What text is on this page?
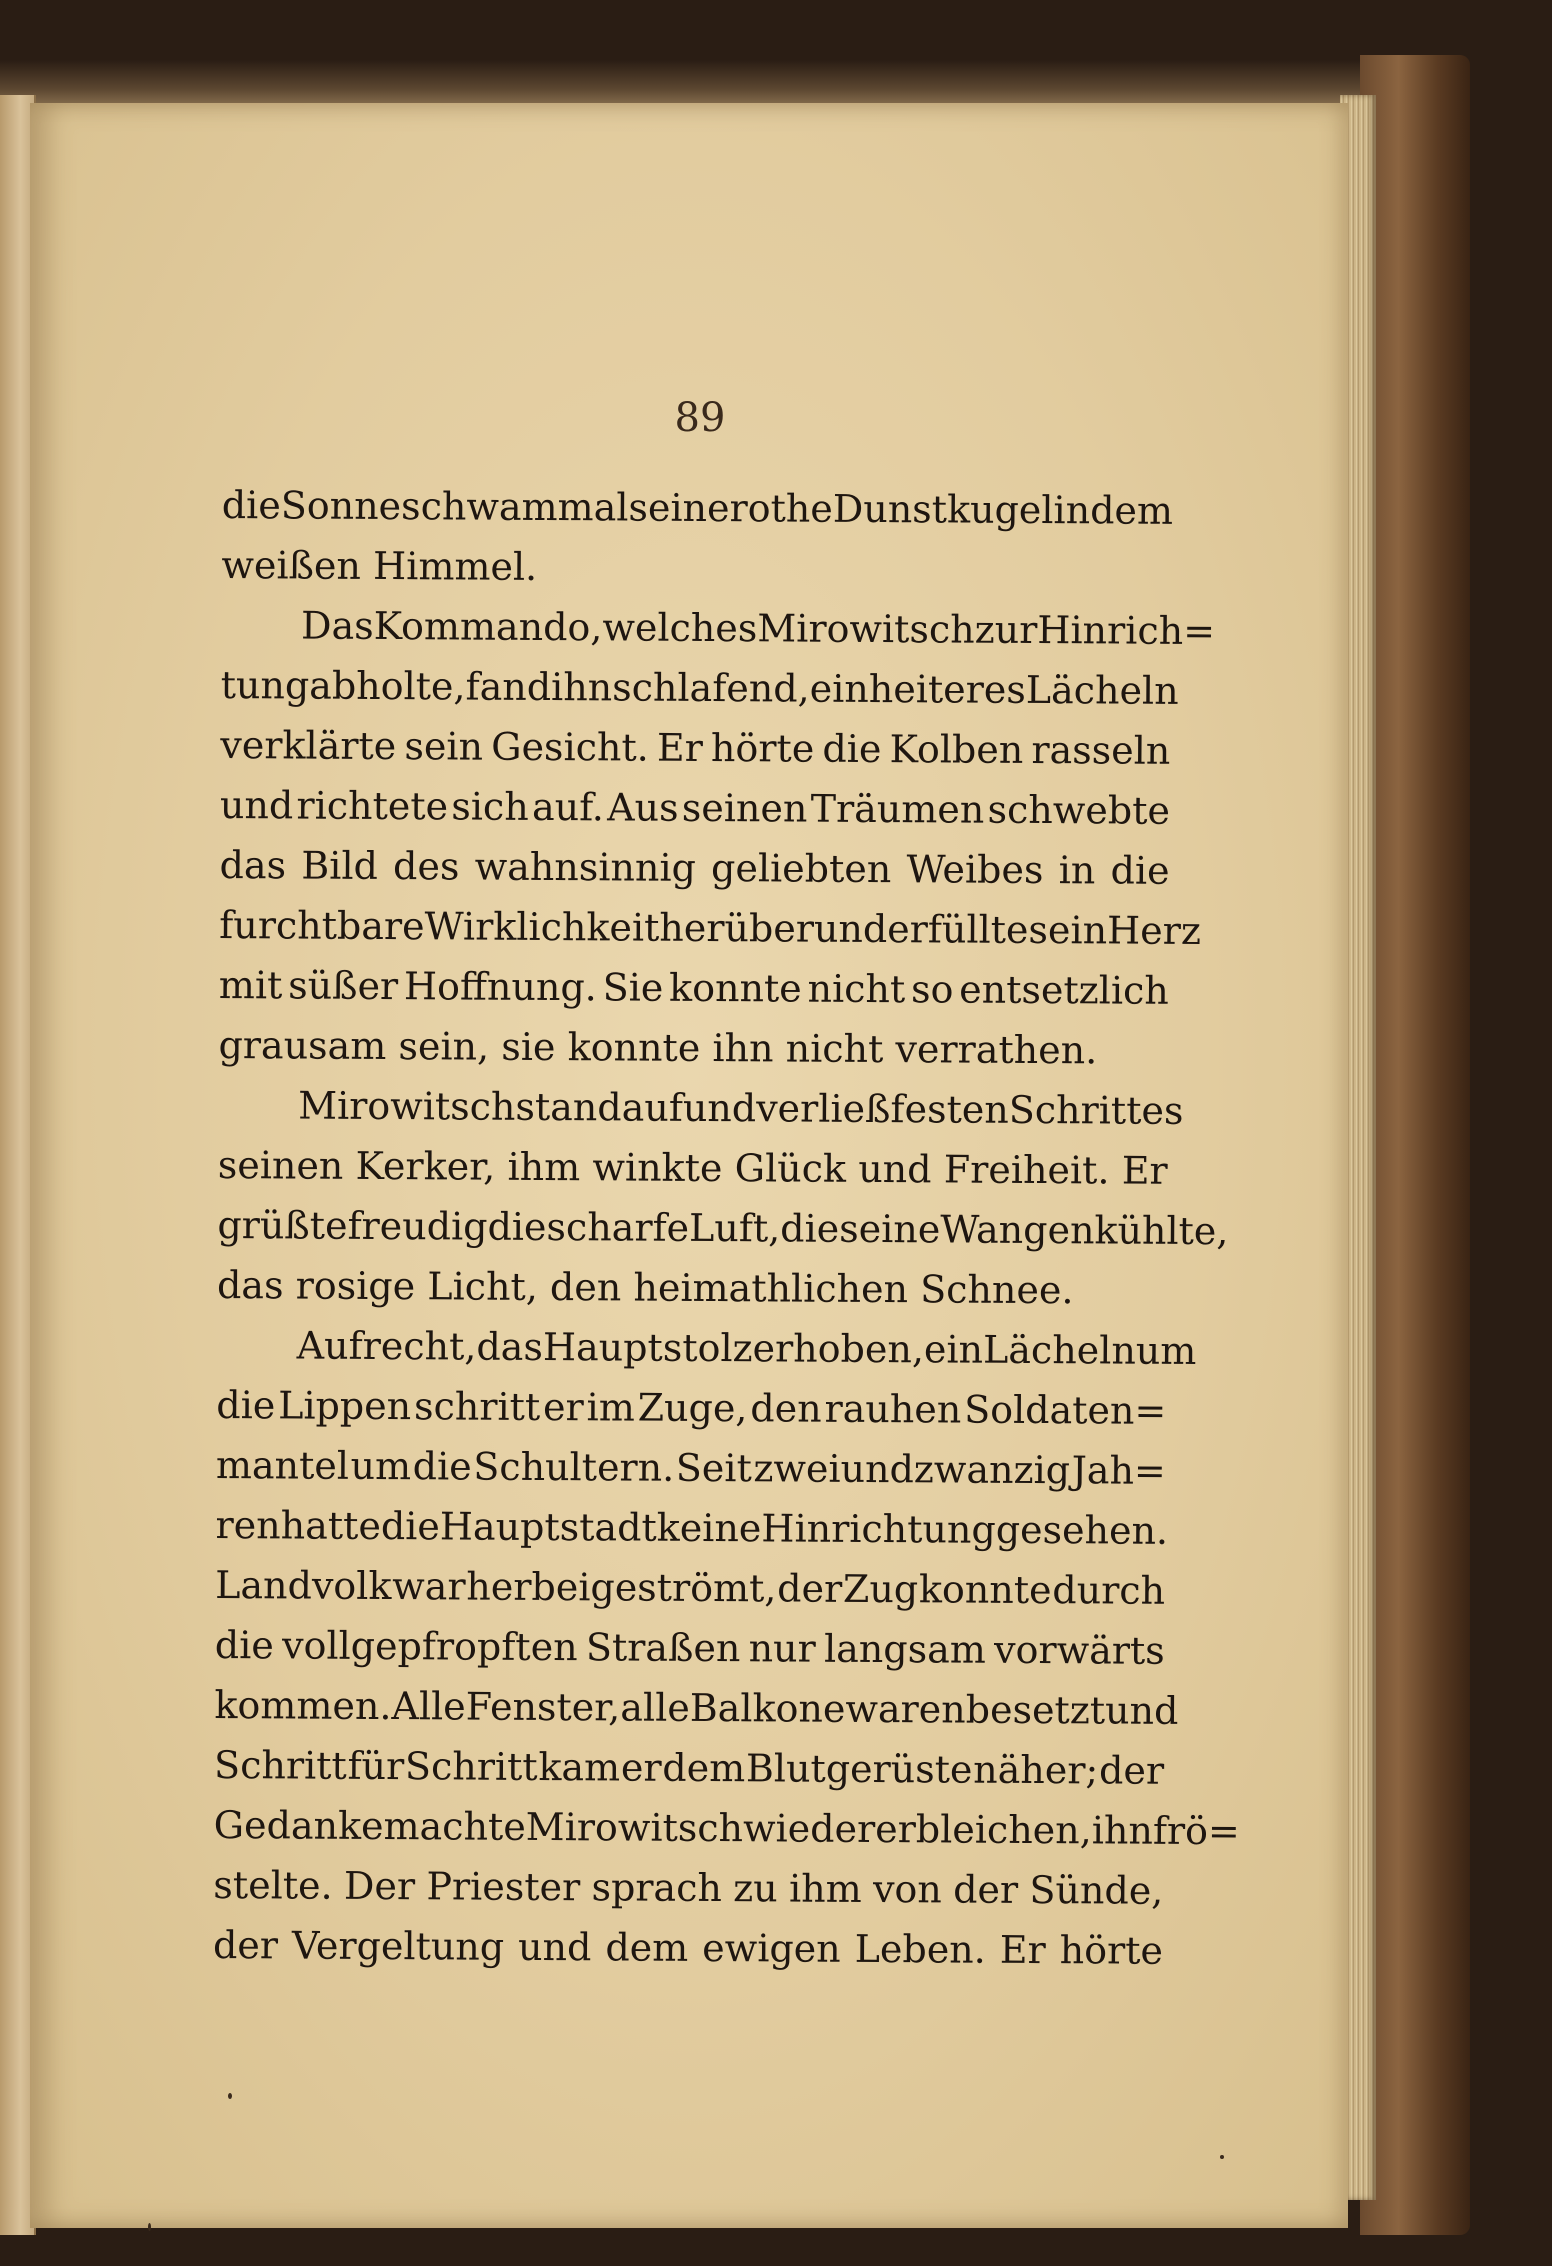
89
die Sonne schwamm als eine rothe Dunstkugel in dem
weißen Himmel.
Das Kommando, welches Mirowitsch zur Hinrich=
tung abholte, fand ihn schlafend, ein heiteres Lächeln
verklärte sein Gesicht. Er hörte die Kolben rasseln
und richtete sich auf. Aus seinen Träumen schwebte
das Bild des wahnsinnig geliebten Weibes in die
furchtbare Wirklichkeit herüber und erfüllte sein Herz
mit süßer Hoffnung. Sie konnte nicht so entsetzlich
grausam sein, sie konnte ihn nicht verrathen.
Mirowitsch stand auf und verließ festen Schrittes
seinen Kerker, ihm winkte Glück und Freiheit. Er
grüßte freudig die scharfe Luft, die seine Wangen kühlte,
das rosige Licht, den heimathlichen Schnee.
Aufrecht, das Haupt stolz erhoben, ein Lächeln um
die Lippen schritt er im Zuge, den rauhen Soldaten=
mantel um die Schultern. Seit zweiundzwanzig Jah=
ren hatte die Hauptstadt keine Hinrichtung gesehen.
Landvolk war herbeigeströmt, der Zug konnte durch
die vollgepfropften Straßen nur langsam vorwärts
kommen. Alle Fenster, alle Balkone waren besetzt und
Schritt für Schritt kam er dem Blutgerüste näher; der
Gedanke machte Mirowitsch wieder erbleichen, ihn frö=
stelte. Der Priester sprach zu ihm von der Sünde,
der Vergeltung und dem ewigen Leben. Er hörte
